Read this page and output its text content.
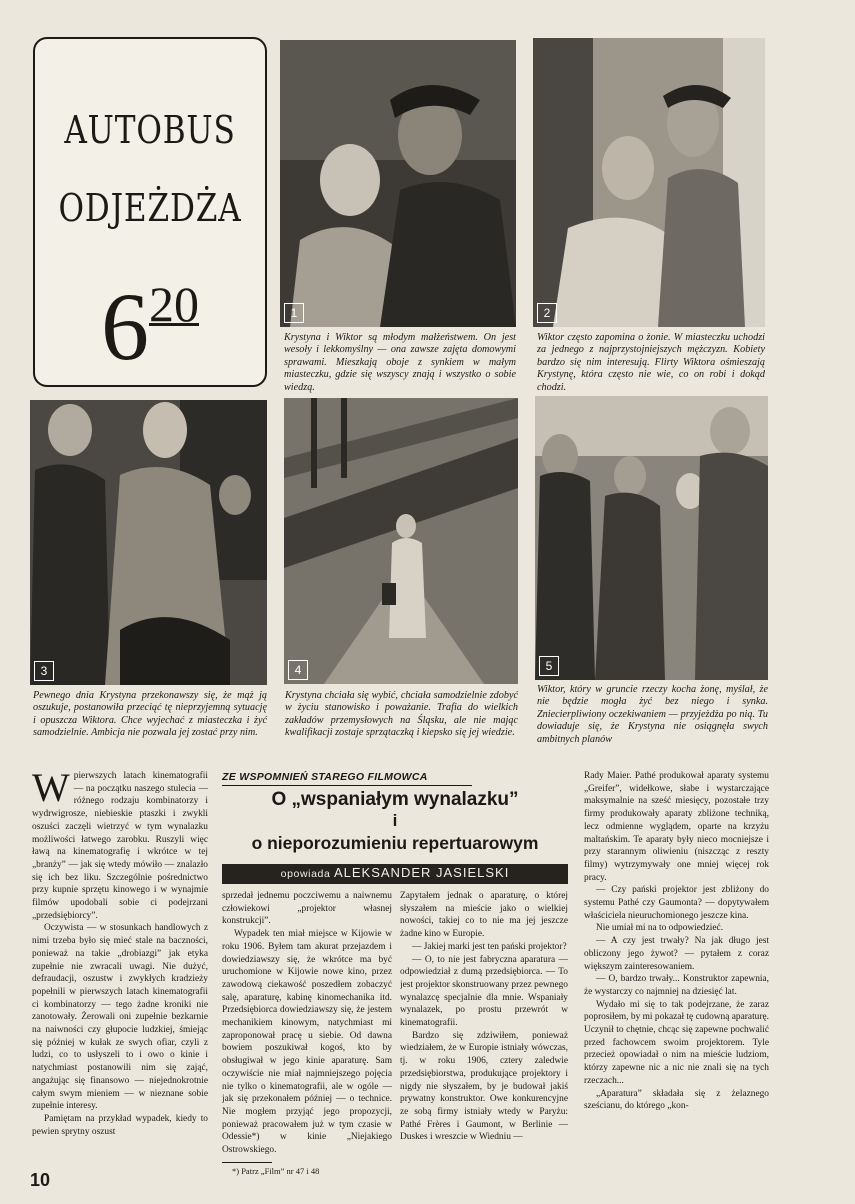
AUTOBUS
ODJEŻDŻA
$6^{20}$	1
Krystyna i Wiktor są młodym małżeństwem. On jest wesoły i lekkomyślny — ona zawsze zajęta domowymi sprawami. Mieszkają oboje z synkiem w małym miasteczku, gdzie się wszyscy znają i wszystko o sobie wiedzą.
2
Wiktor często zapomina o żonie. W miasteczku uchodzi za jednego z najprzystojniejszych mężczyzn. Kobiety bardzo się nim interesują. Flirty Wiktora ośmieszają Krystynę, która często nie wie, co on robi i dokąd chodzi.
3
Pewnego dnia Krystyna przekonawszy się, że mąż ją oszukuje, postanowiła przeciąć tę nieprzyjemną sytuację i opuszcza Wiktora. Chce wyjechać z miasteczka i żyć samodzielnie. Ambicja nie pozwala jej zostać przy nim.
4
Krystyna chciała się wybić, chciała samodzielnie zdobyć w życiu stanowisko i poważanie. Trafia do wielkich zakładów przemysłowych na Śląsku, ale nie mając kwalifikacji zostaje sprzątaczką i kiepsko się jej wiedzie.
5
Wiktor, który w gruncie rzeczy kocha żonę, myślał, że nie będzie mogła żyć bez niego i synka. Zniecierpliwiony oczekiwaniem — przyjeżdża po nią. Tu dowiaduje się, że Krystyna nie osiągnęła swych ambitnych planów
W pierwszych latach kinematografii — na początku naszego stulecia — różnego rodzaju kombinatorzy i wydrwigrosze, niebieskie ptaszki i zwykli oszuści zaczęli wietrzyć w tym wynalazku możliwości łatwego zarobku. Ruszyli więc ławą na kinematografię i wkrótce w tej „branży” — jak się wtedy mówiło — znalazło się ich bez liku. Szczególnie pośrednictwo przy kupnie sprzętu kinowego i w wynajmie filmów upodobali sobie ci podejrzani „przedsiębiorcy”.

Oczywista — w stosunkach handlowych z nimi trzeba było się mieć stale na baczności, ponieważ na takie „drobiazgi” jak etyka zupełnie nie zwracali uwagi. Nie dużyć, defraudacji, oszustw i zwykłych kradzieży popełnili w pierwszych latach kinematografii ci kombinatorzy — tego żadne kroniki nie zanotowały. Żerowali oni zupełnie bezkarnie na naiwności czy głupocie ludzkiej, śmiejąc się później w kułak ze swych ofiar, czyli z ludzi, co to usłyszeli to i owo o kinie i natychmiast postanowili nim się zająć, angażując się finansowo — niejednokrotnie całym swym mieniem — w nieznane sobie zupełnie interesy.

Pamiętam na przykład wypadek, kiedy to pewien sprytny oszust

ZE WSPOMNIEŃ STAREGO FILMOWCA
O „wspaniałym wynalazku”
i
o nieporozumieniu repertuarowym
opowiada ALEKSANDER JASIELSKI

sprzedał jednemu poczciwemu a naiwnemu człowiekowi „projektor własnej konstrukcji”.

Wypadek ten miał miejsce w Kijowie w roku 1906. Byłem tam akurat przejazdem i dowiedziawszy się, że wkrótce ma być uruchomione w Kijowie nowe kino, przez zawodową ciekawość poszedłem zobaczyć salę, aparaturę, kabinę kinomechanika itd. Przedsiębiorca dowiedziawszy się, że jestem mechanikiem kinowym, natychmiast mi zaproponował pracę u siebie. Od dawna bowiem poszukiwał kogoś, kto by obsługiwał w jego kinie aparaturę. Sam oczywiście nie miał najmniejszego pojęcia nie tylko o kinematografii, ale w ogóle — jak się przekonałem później — o technice. Nie mogłem przyjąć jego propozycji, ponieważ pracowałem już w tym czasie w Odessie*) w kinie „Niejakiego Ostrowskiego.

*) Patrz „Film” nr 47 i 48

Zapytałem jednak o aparaturę, o której słyszałem na mieście jako o wielkiej nowości, takiej co to nie ma jej jeszcze żadne kino w Europie.

— Jakiej marki jest ten pański projektor?

— O, to nie jest fabryczna aparatura — odpowiedział z dumą przedsiębiorca. — To jest projektor skonstruowany przez pewnego wynalazcę specjalnie dla mnie. Wspaniały wynalazek, po prostu przewrót w kinematografii.

Bardzo się zdziwiłem, ponieważ wiedziałem, że w Europie istniały wówczas, tj. w roku 1906, cztery zaledwie przedsiębiorstwa, produkujące projektory i nigdy nie słyszałem, by je budował jakiś prywatny konstruktor. Owe konkurencyjne ze sobą firmy istniały wtedy w Paryżu: Pathé Frères i Gaumont, w Berlinie — Duskes i wreszcie w Wiedniu —

Rady Maier. Pathé produkował aparaty systemu „Greifer”, widełkowe, słabe i wystarczające maksymalnie na sześć miesięcy, pozostałe trzy firmy produkowały aparaty zbliżone techniką, lecz odmienne wyglądem, oparte na krzyżu maltańskim. Te aparaty były nieco mocniejsze i przy starannym oliwieniu (niszcząc z reszty filmy) wytrzymywały one mniej więcej rok pracy.

— Czy pański projektor jest zbliżony do systemu Pathé czy Gaumonta? — dopytywałem właściciela nieuruchomionego jeszcze kina.

Nie umiał mi na to odpowiedzieć.

— A czy jest trwały? Na jak długo jest obliczony jego żywot? — pytałem z coraz większym zainteresowaniem.

— O, bardzo trwały... Konstruktor zapewnia, że wystarczy co najmniej na dziesięć lat.

Wydało mi się to tak podejrzane, że zaraz poprosiłem, by mi pokazał tę cudowną aparaturę. Uczynił to chętnie, chcąc się zapewne pochwalić przed fachowcem swoim projektorem. Tyle przecież opowiadał o nim na mieście ludziom, którzy zapewne nic a nic nie znali się na tych rzeczach...

„Aparatura” składała się z żelaznego sześcianu, do którego „kon-

10
